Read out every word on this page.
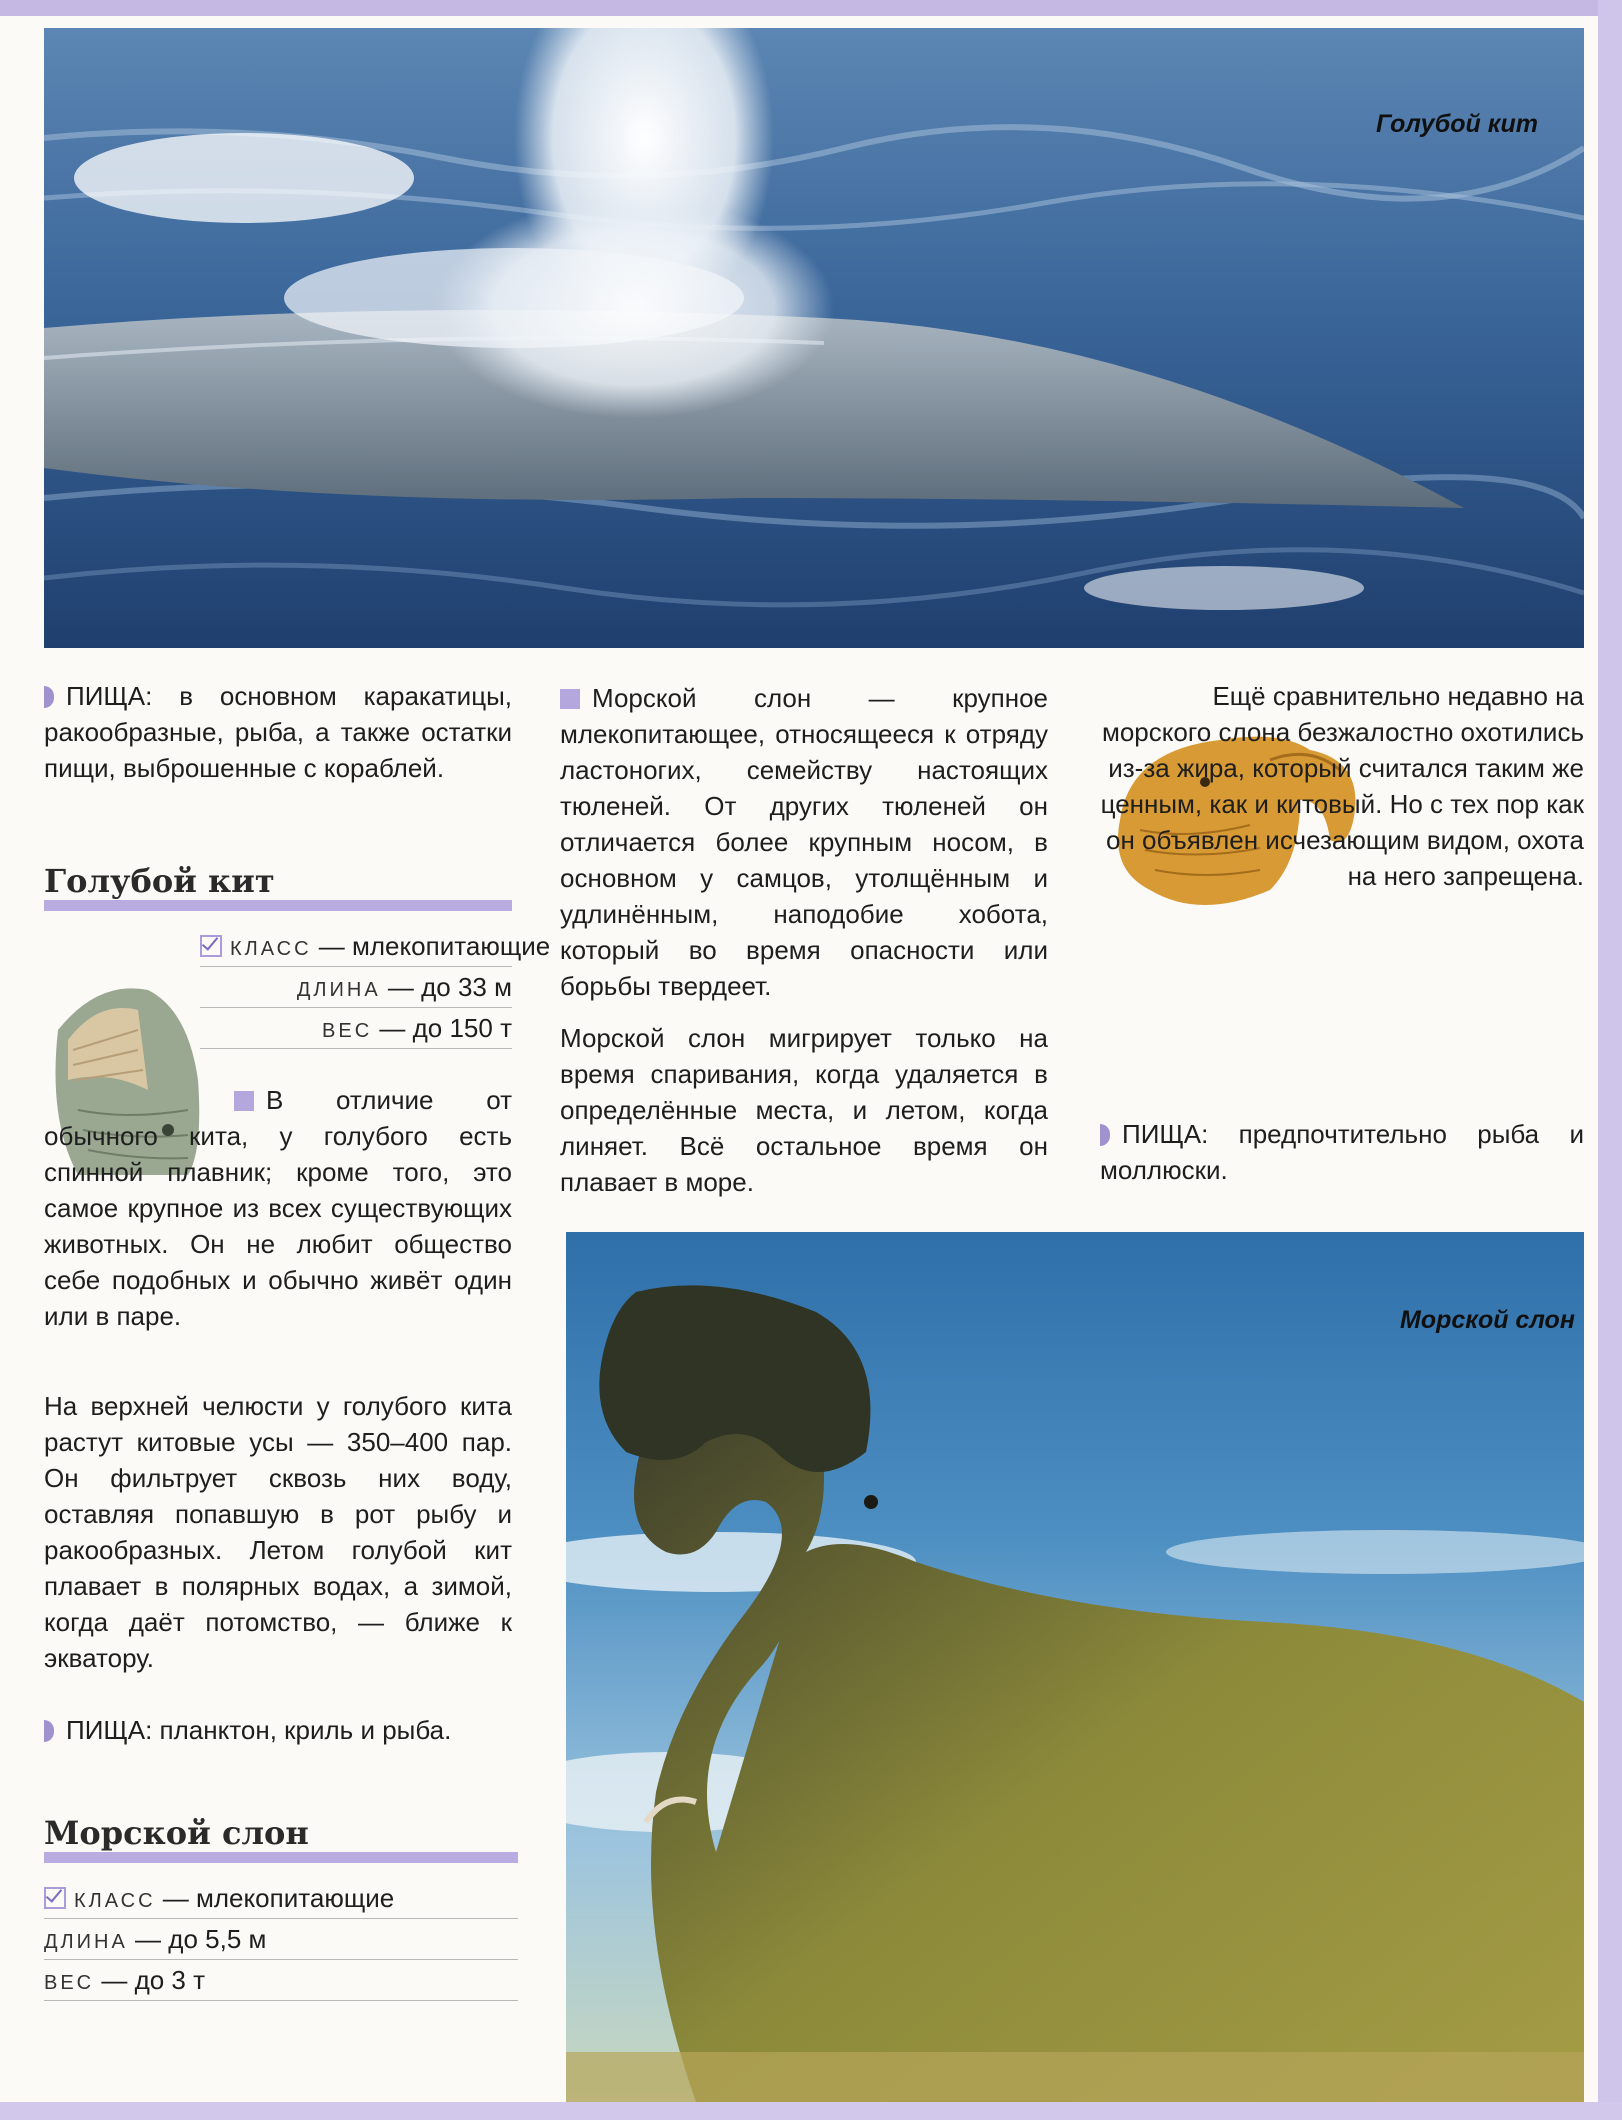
Голубой кит

ПИЩА: в основном каракатицы, ракообразные, рыба, а также остатки пищи, выброшенные с кораблей.

Голубой кит
КЛАСС — млекопитающие
ДЛИНА — до 33 м
ВЕС — до 150 т

В отличие от обычного кита, у голубого есть спинной плавник; кроме того, это самое крупное из всех существующих животных. Он не любит общество себе подобных и обычно живёт один или в паре.

На верхней челюсти у голубого кита растут китовые усы — 350–400 пар. Он фильтрует сквозь них воду, оставляя попавшую в рот рыбу и ракообразных. Летом голубой кит плавает в полярных водах, а зимой, когда даёт потомство, — ближе к экватору.

ПИЩА: планктон, криль и рыба.

Морской слон
КЛАСС — млекопитающие
ДЛИНА — до 5,5 м
ВЕС — до 3 т

Морской слон — крупное млекопитающее, относящееся к отряду ластоногих, семейству настоящих тюленей. От других тюленей он отличается более крупным носом, в основном у самцов, утолщённым и удлинённым, наподобие хобота, который во время опасности или борьбы твердеет.

Морской слон мигрирует только на время спаривания, когда удаляется в определённые места, и летом, когда линяет. Всё остальное время он плавает в море.

Ещё сравнительно недавно на морского слона безжалостно охотились из-за жира, который считался таким же ценным, как и китовый. Но с тех пор как он объявлен исчезающим видом, охота на него запрещена.

ПИЩА: предпочтительно рыба и моллюски.

Морской слон
